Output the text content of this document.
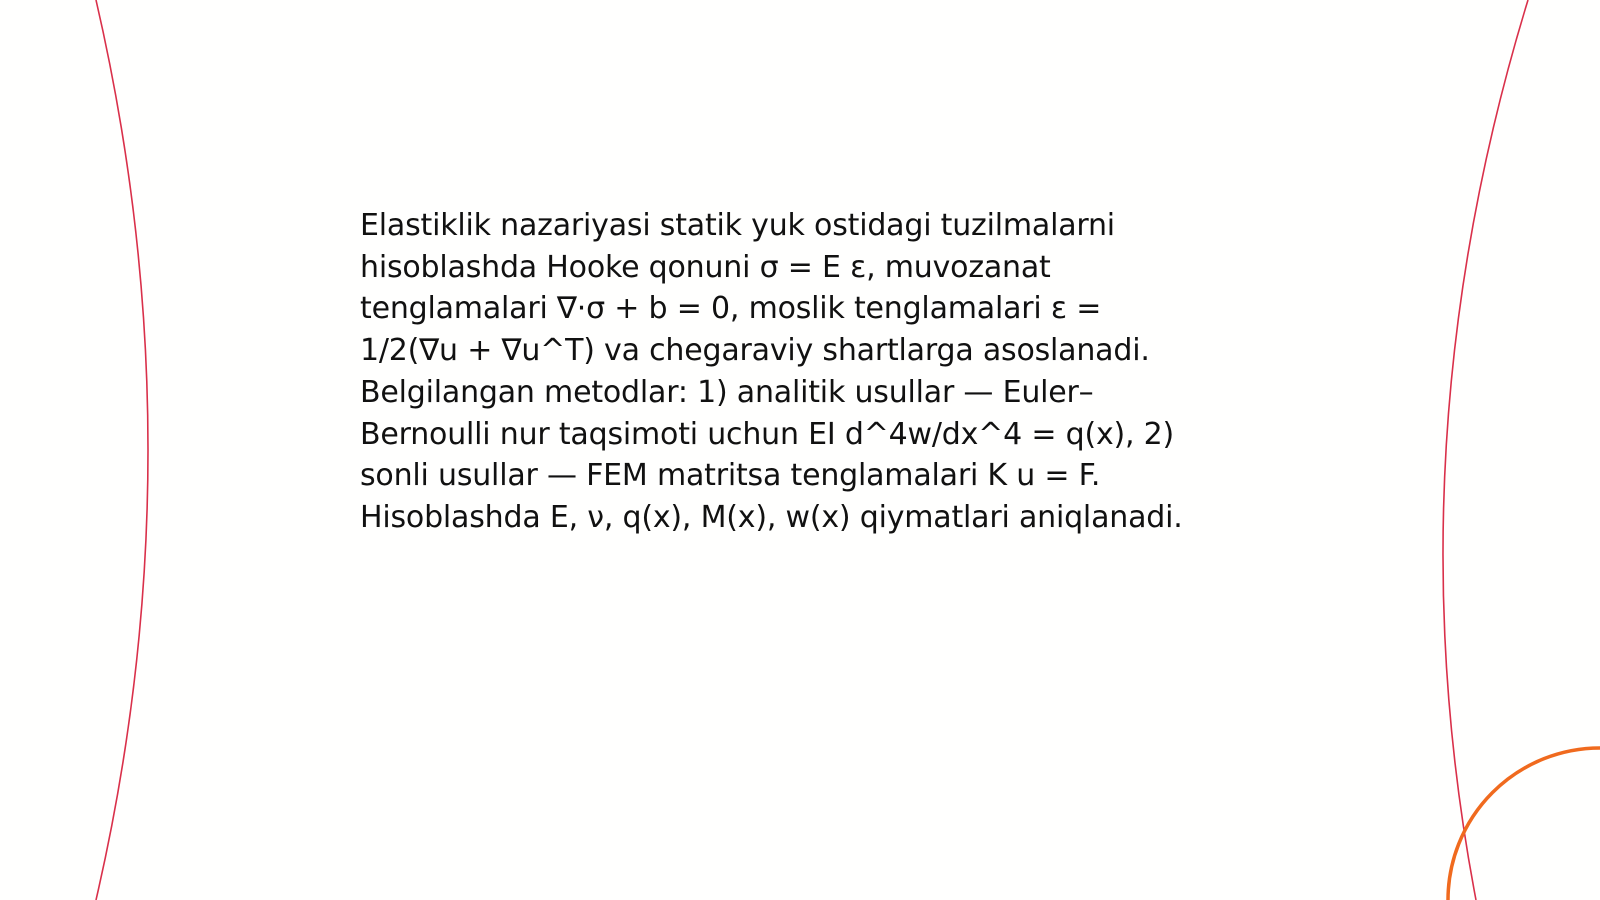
Elastiklik nazariyasi statik yuk ostidagi tuzilmalarni
hisoblashda Hooke qonuni σ = E ε, muvozanat
tenglamalari ∇·σ + b = 0, moslik tenglamalari ε =
1/2(∇u + ∇u^T) va chegaraviy shartlarga asoslanadi.
Belgilangan metodlar: 1) analitik usullar — Euler–
Bernoulli nur taqsimoti uchun EI d^4w/dx^4 = q(x), 2)
sonli usullar — FEM matritsa tenglamalari K u = F.
Hisoblashda E, ν, q(x), M(x), w(x) qiymatlari aniqlanadi.
